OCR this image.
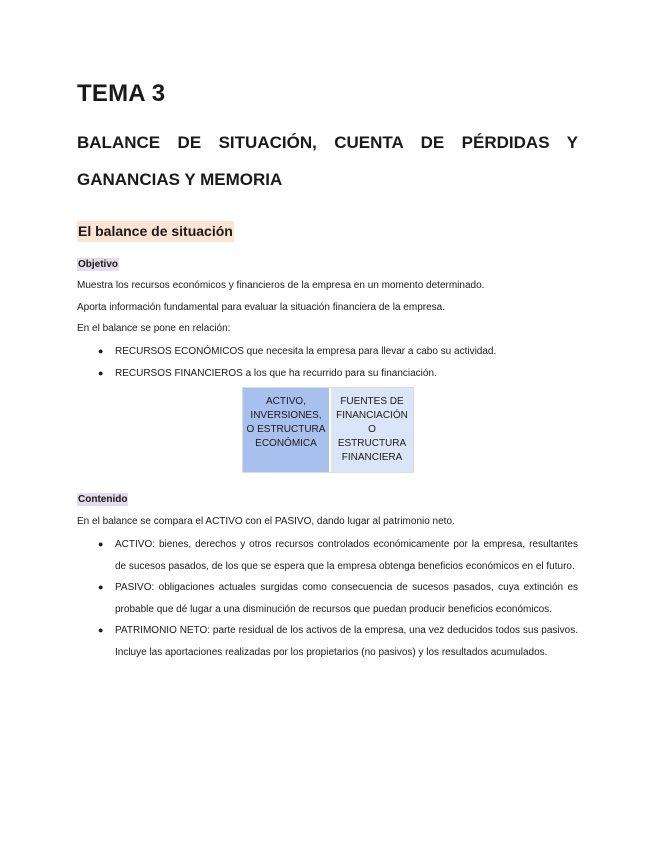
TEMA 3
BALANCE DE SITUACIÓN, CUENTA DE PÉRDIDAS Y GANANCIAS Y MEMORIA
El balance de situación
Objetivo

Muestra los recursos económicos y financieros de la empresa en un momento determinado.

Aporta información fundamental para evaluar la situación financiera de la empresa.

En el balance se pone en relación:

● RECURSOS ECONÓMICOS que necesita la empresa para llevar a cabo su actividad.
● RECURSOS FINANCIEROS a los que ha recurrido para su financiación.
ACTIVO, INVERSIONES, O ESTRUCTURA ECONÓMICA
FUENTES DE FINANCIACIÓN O ESTRUCTURA FINANCIERA
Contenido

En el balance se compara el ACTIVO con el PASIVO, dando lugar al patrimonio neto.

● ACTIVO: bienes, derechos y otros recursos controlados económicamente por la empresa, resultantes de sucesos pasados, de los que se espera que la empresa obtenga beneficios económicos en el futuro.
● PASIVO: obligaciones actuales surgidas como consecuencia de sucesos pasados, cuya extinción es probable que dé lugar a una disminución de recursos que puedan producir beneficios económicos.
● PATRIMONIO NETO: parte residual de los activos de la empresa, una vez deducidos todos sus pasivos. Incluye las aportaciones realizadas por los propietarios (no pasivos) y los resultados acumulados.
